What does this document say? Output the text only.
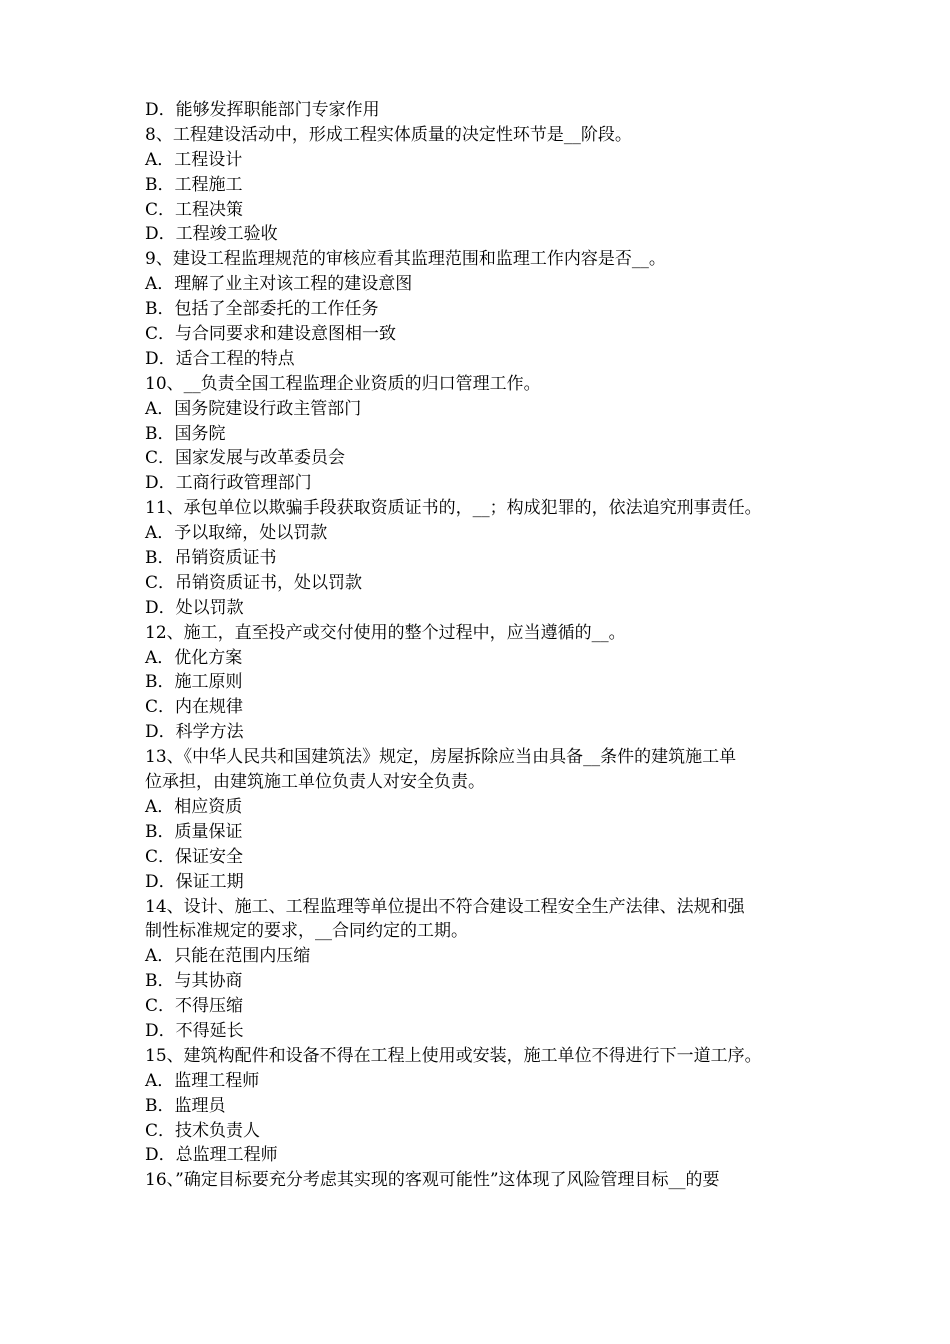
D．能够发挥职能部门专家作用
8、工程建设活动中，形成工程实体质量的决定性环节是__阶段。
A．工程设计
B．工程施工
C．工程决策
D．工程竣工验收
9、建设工程监理规范的审核应看其监理范围和监理工作内容是否__。
A．理解了业主对该工程的建设意图
B．包括了全部委托的工作任务
C．与合同要求和建设意图相一致
D．适合工程的特点
10、__负责全国工程监理企业资质的归口管理工作。
A．国务院建设行政主管部门
B．国务院
C．国家发展与改革委员会
D．工商行政管理部门
11、承包单位以欺骗手段获取资质证书的，__；构成犯罪的，依法追究刑事责任。
A．予以取缔，处以罚款
B．吊销资质证书
C．吊销资质证书，处以罚款
D．处以罚款
12、施工，直至投产或交付使用的整个过程中，应当遵循的__。
A．优化方案
B．施工原则
C．内在规律
D．科学方法
13、《中华人民共和国建筑法》规定，房屋拆除应当由具备__条件的建筑施工单
位承担，由建筑施工单位负责人对安全负责。
A．相应资质
B．质量保证
C．保证安全
D．保证工期
14、设计、施工、工程监理等单位提出不符合建设工程安全生产法律、法规和强
制性标准规定的要求，__合同约定的工期。
A．只能在范围内压缩
B．与其协商
C．不得压缩
D．不得延长
15、建筑构配件和设备不得在工程上使用或安装，施工单位不得进行下一道工序。
A．监理工程师
B．监理员
C．技术负责人
D．总监理工程师
16、”确定目标要充分考虑其实现的客观可能性”这体现了风险管理目标__的要
